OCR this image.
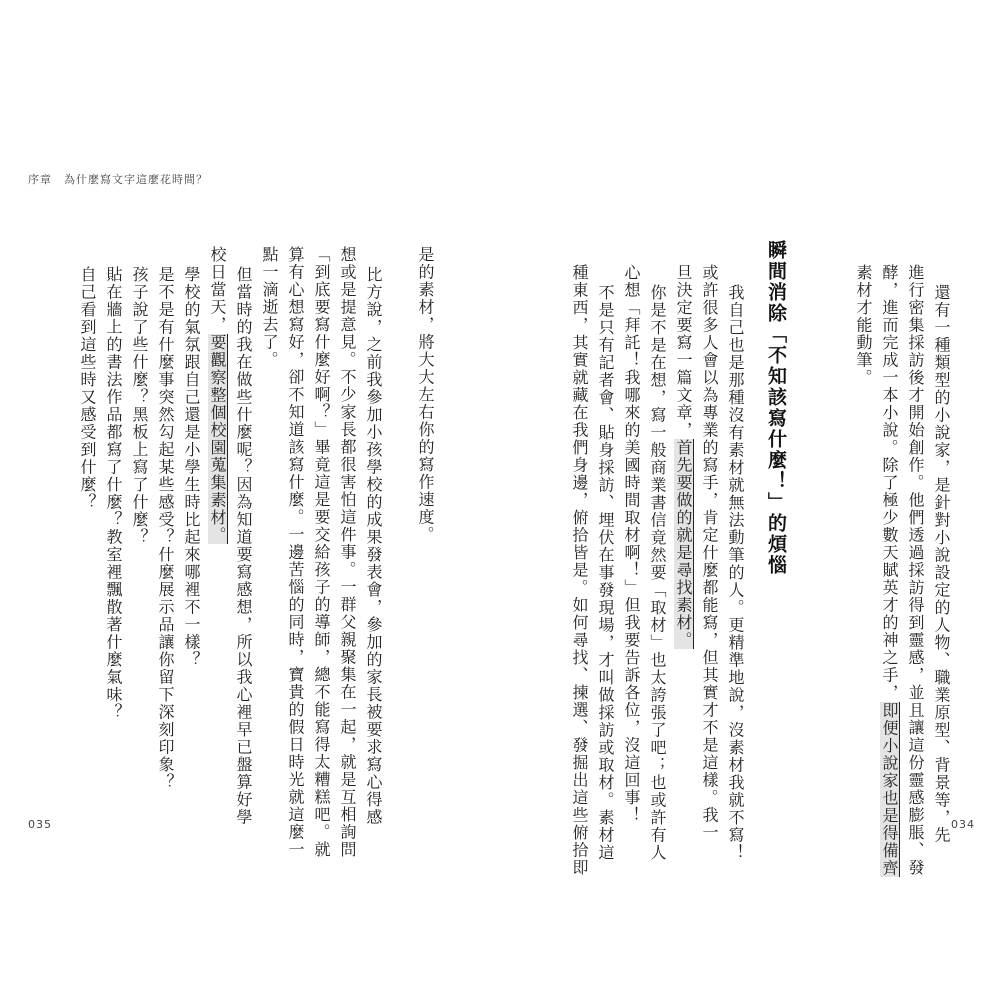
序章　為什麼寫文字這麼花時間？
還有一種類型的小說家，是針對小說設定的人物、職業原型、背景等，先
進行密集採訪後才開始創作。他們透過採訪得到靈感，並且讓這份靈感膨脹、發
酵，進而完成一本小說。除了極少數天賦英才的神之手，即便小說家也是得備齊
素材才能動筆。
瞬間消除「不知該寫什麼！」的煩惱
我自己也是那種沒有素材就無法動筆的人。更精準地說，沒素材我就不寫！
或許很多人會以為專業的寫手，肯定什麼都能寫，但其實才不是這樣。我一
旦決定要寫一篇文章，首先要做的就是尋找素材。
你是不是在想，寫一般商業書信竟然要「取材」也太誇張了吧；也或許有人
心想「拜託！我哪來的美國時間取材啊！」但我要告訴各位，沒這回事！
不是只有記者會、貼身採訪、埋伏在事發現場，才叫做採訪或取材。素材這
種東西，其實就藏在我們身邊，俯拾皆是。如何尋找、揀選、發掘出這些俯拾即
是的素材，將大大左右你的寫作速度。
比方說，之前我參加小孩學校的成果發表會，參加的家長被要求寫心得感
想或是提意見。不少家長都很害怕這件事。一群父親聚集在一起，就是互相詢問
「到底要寫什麼好啊？」畢竟這是要交給孩子的導師，總不能寫得太糟糕吧。就
算有心想寫好，卻不知道該寫什麼。一邊苦惱的同時，寶貴的假日時光就這麼一
點一滴逝去了。
但當時的我在做些什麼呢？因為知道要寫感想，所以我心裡早已盤算好學
校日當天，要觀察整個校園蒐集素材。
學校的氣氛跟自己還是小學生時比起來哪裡不一樣？
是不是有什麼事突然勾起某些感受？什麼展示品讓你留下深刻印象？
孩子說了些什麼？黑板上寫了什麼？
貼在牆上的書法作品都寫了什麼？教室裡飄散著什麼氣味？
自己看到這些時又感受到什麼？
035	034
